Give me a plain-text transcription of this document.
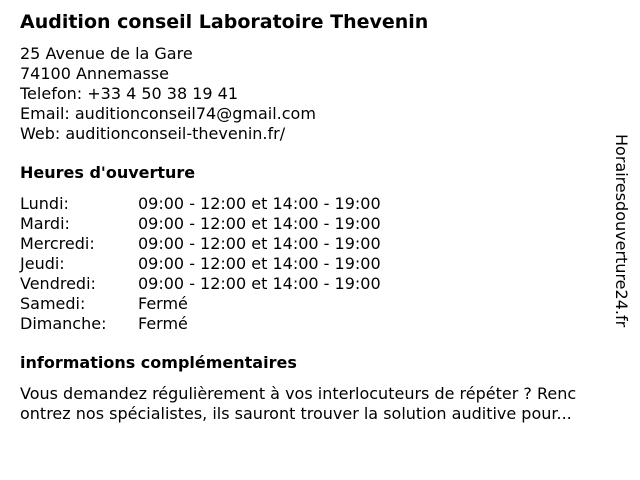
Audition conseil Laboratoire Thevenin
25 Avenue de la Gare
74100 Annemasse
Telefon: +33 4 50 38 19 41
Email: auditionconseil74@gmail.com
Web: auditionconseil-thevenin.fr/
Heures d'ouverture
Lundi:	09:00 - 12:00 et 14:00 - 19:00
Mardi:	09:00 - 12:00 et 14:00 - 19:00
Mercredi:	09:00 - 12:00 et 14:00 - 19:00
Jeudi:	09:00 - 12:00 et 14:00 - 19:00
Vendredi:	09:00 - 12:00 et 14:00 - 19:00
Samedi:	Fermé
Dimanche: Fermé
informations complémentaires
Vous demandez régulièrement à vos interlocuteurs de répéter ? Renc
ontrez nos spécialistes, ils sauront trouver la solution auditive pour...
Horairesdouverture24.fr
